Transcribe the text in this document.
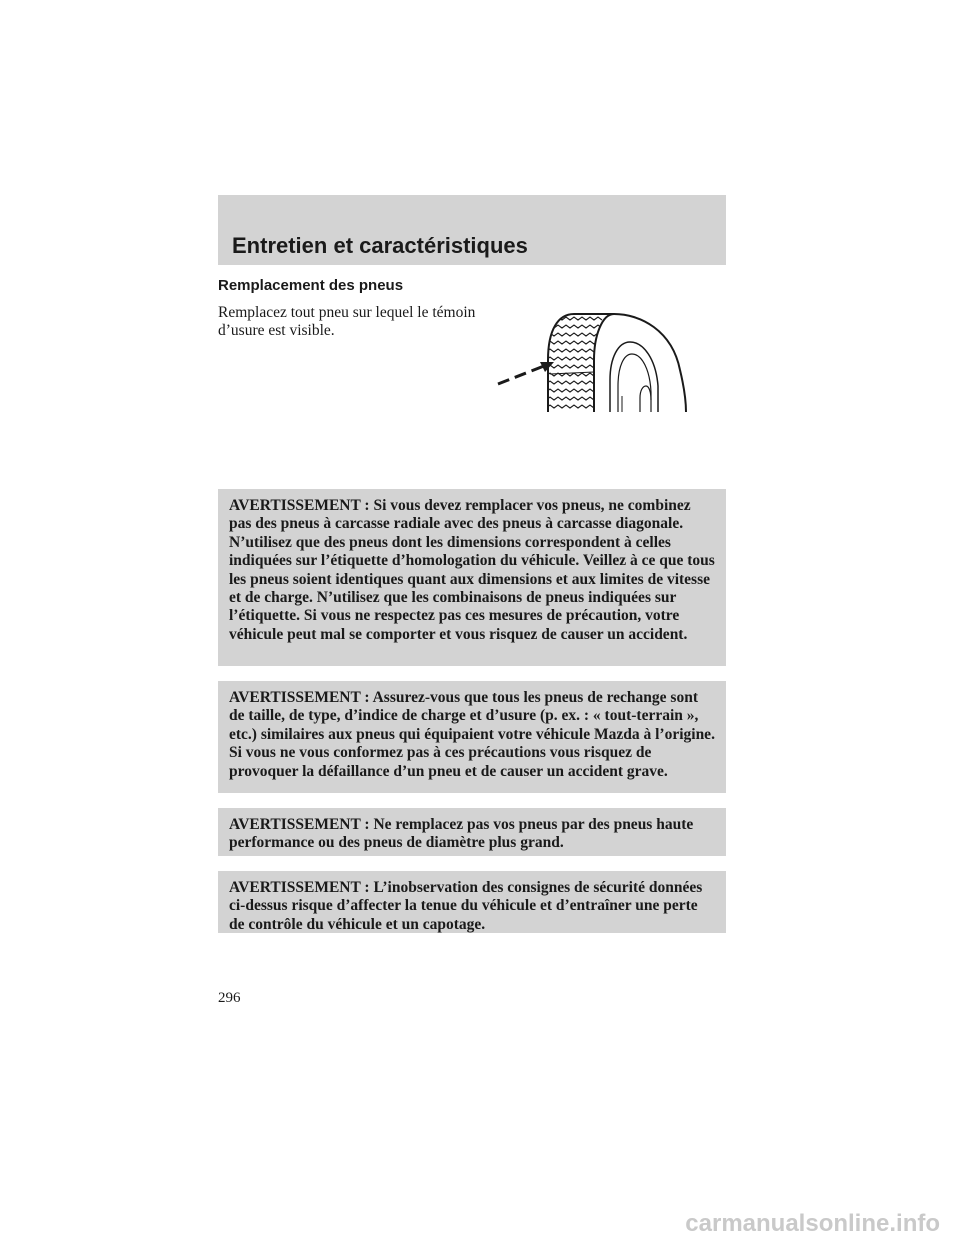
Entretien et caractéristiques
Remplacement des pneus

Remplacez tout pneu sur lequel le témoin d’usure est visible.

AVERTISSEMENT : Si vous devez remplacer vos pneus, ne combinez pas des pneus à carcasse radiale avec des pneus à carcasse diagonale. N’utilisez que des pneus dont les dimensions correspondent à celles indiquées sur l’étiquette d’homologation du véhicule. Veillez à ce que tous les pneus soient identiques quant aux dimensions et aux limites de vitesse et de charge. N’utilisez que les combinaisons de pneus indiquées sur l’étiquette. Si vous ne respectez pas ces mesures de précaution, votre véhicule peut mal se comporter et vous risquez de causer un accident.

AVERTISSEMENT : Assurez-vous que tous les pneus de rechange sont de taille, de type, d’indice de charge et d’usure (p. ex. : « tout-terrain », etc.) similaires aux pneus qui équipaient votre véhicule Mazda à l’origine. Si vous ne vous conformez pas à ces précautions vous risquez de provoquer la défaillance d’un pneu et de causer un accident grave.

AVERTISSEMENT : Ne remplacez pas vos pneus par des pneus haute performance ou des pneus de diamètre plus grand.

AVERTISSEMENT : L’inobservation des consignes de sécurité données ci-dessus risque d’affecter la tenue du véhicule et d’entraîner une perte de contrôle du véhicule et un capotage.

296

carmanualsonline.info
